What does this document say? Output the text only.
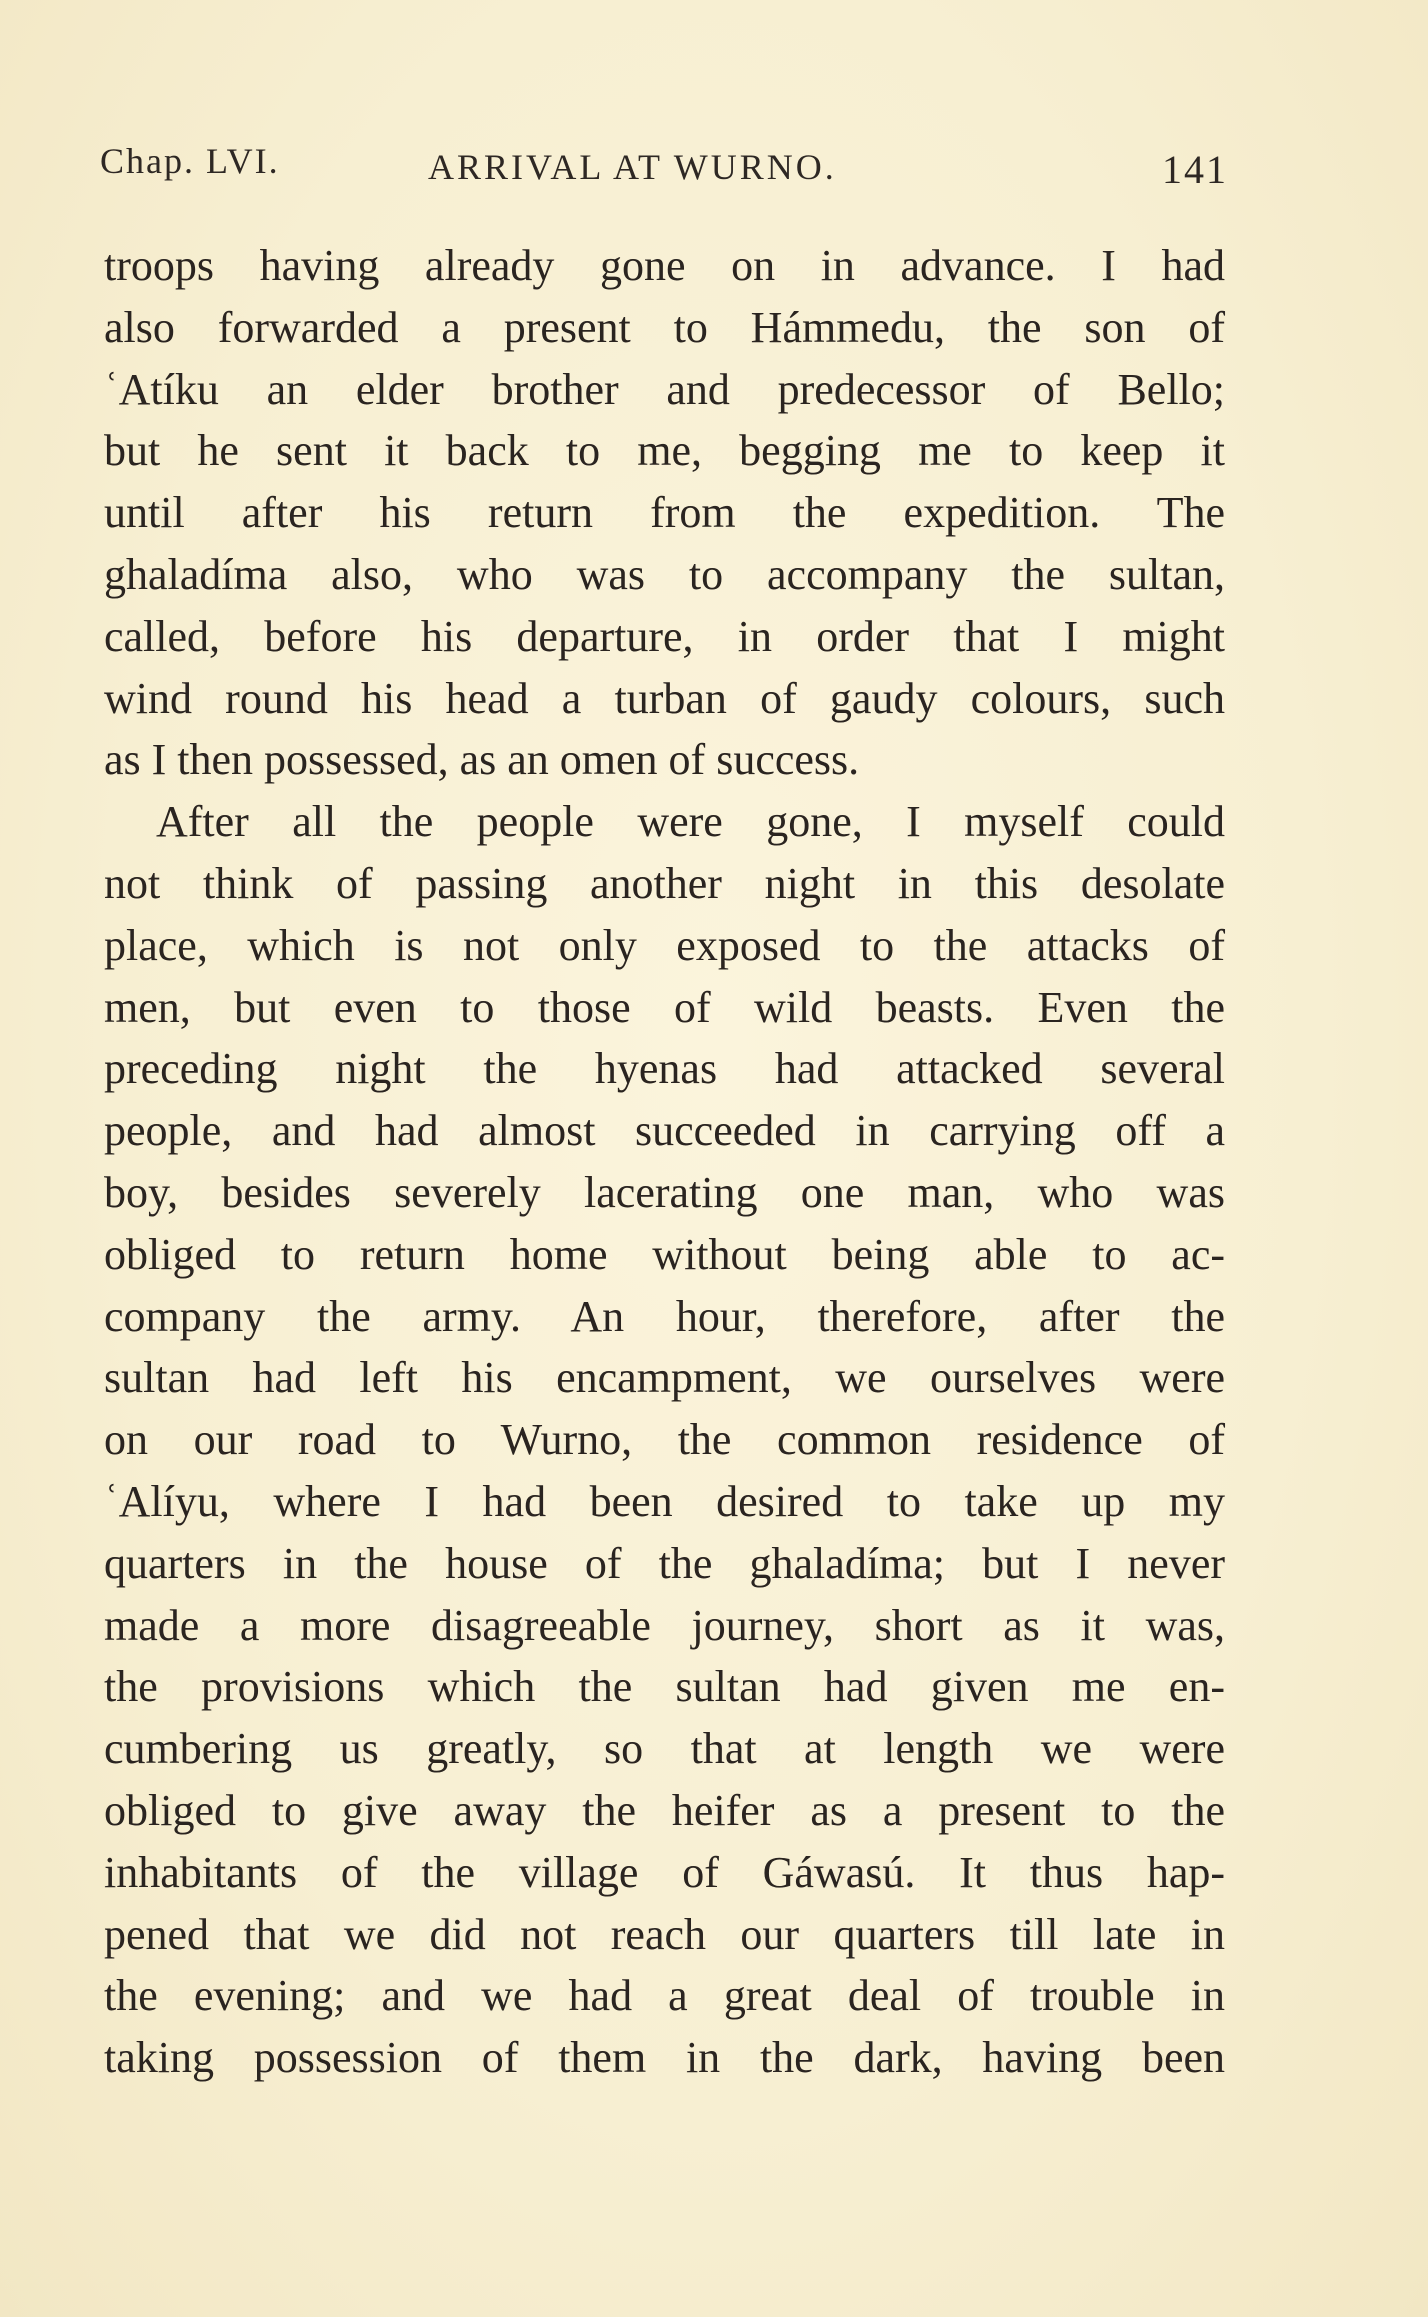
Chap. LVI.	ARRIVAL AT WURNO.	141
troops having already gone on in advance. I had
also forwarded a present to Hámmedu, the son of
ʿAtíku an elder brother and predecessor of Bello;
but he sent it back to me, begging me to keep it
until after his return from the expedition. The
ghaladíma also, who was to accompany the sultan,
called, before his departure, in order that I might
wind round his head a turban of gaudy colours, such
as I then possessed, as an omen of success.
After all the people were gone, I myself could
not think of passing another night in this desolate
place, which is not only exposed to the attacks of
men, but even to those of wild beasts. Even the
preceding night the hyenas had attacked several
people, and had almost succeeded in carrying off a
boy, besides severely lacerating one man, who was
obliged to return home without being able to ac-
company the army. An hour, therefore, after the
sultan had left his encampment, we ourselves were
on our road to Wurno, the common residence of
ʿAlíyu, where I had been desired to take up my
quarters in the house of the ghaladíma; but I never
made a more disagreeable journey, short as it was,
the provisions which the sultan had given me en-
cumbering us greatly, so that at length we were
obliged to give away the heifer as a present to the
inhabitants of the village of Gáwasú. It thus hap-
pened that we did not reach our quarters till late in
the evening; and we had a great deal of trouble in
taking possession of them in the dark, having been
